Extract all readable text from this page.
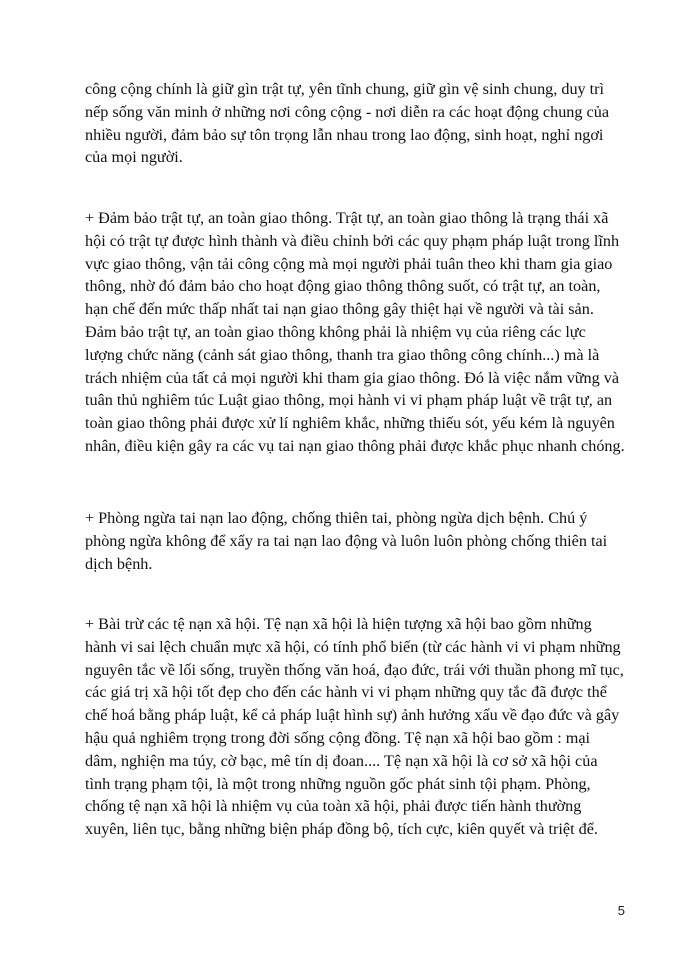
công cộng chính là giữ gìn trật tự, yên tĩnh chung, giữ gìn vệ sinh chung, duy trì nếp sống văn minh ở những nơi công cộng - nơi diễn ra các hoạt động chung của nhiều người, đảm bảo sự tôn trọng lẫn nhau trong lao động, sinh hoạt, nghỉ ngơi của mọi người.

+ Đảm bảo trật tự, an toàn giao thông. Trật tự, an toàn giao thông là trạng thái xã hội có trật tự được hình thành và điều chỉnh bởi các quy phạm pháp luật trong lĩnh vực giao thông, vận tải công cộng mà mọi người phải tuân theo khi tham gia giao thông, nhờ đó đảm bảo cho hoạt động giao thông thông suốt, có trật tự, an toàn, hạn chế đến mức thấp nhất tai nạn giao thông gây thiệt hại về người và tài sản. Đảm bảo trật tự, an toàn giao thông không phải là nhiệm vụ của riêng các lực lượng chức năng (cảnh sát giao thông, thanh tra giao thông công chính...) mà là trách nhiệm của tất cả mọi người khi tham gia giao thông. Đó là việc nắm vững và tuân thủ nghiêm túc Luật giao thông, mọi hành vi vi phạm pháp luật về trật tự, an toàn giao thông phải được xử lí nghiêm khắc, những thiếu sót, yếu kém là nguyên nhân, điều kiện gây ra các vụ tai nạn giao thông phải được khắc phục nhanh chóng.

+ Phòng ngừa tai nạn lao động, chống thiên tai, phòng ngừa dịch bệnh. Chú ý phòng ngừa không để xẩy ra tai nạn lao động và luôn luôn phòng chống thiên tai dịch bệnh.

+ Bài trừ các tệ nạn xã hội. Tệ nạn xã hội là hiện tượng xã hội bao gồm những hành vi sai lệch chuẩn mực xã hội, có tính phổ biến (từ các hành vi vi phạm những nguyên tắc về lối sống, truyền thống văn hoá, đạo đức, trái với thuần phong mĩ tục, các giá trị xã hội tốt đẹp cho đến các hành vi vi phạm những quy tắc đã được thể chế hoá bằng pháp luật, kể cả pháp luật hình sự) ảnh hưởng xấu về đạo đức và gây hậu quả nghiêm trọng trong đời sống cộng đồng. Tệ nạn xã hội bao gồm : mại dâm, nghiện ma túy, cờ bạc, mê tín dị đoan.... Tệ nạn xã hội là cơ sở xã hội của tình trạng phạm tội, là một trong những nguồn gốc phát sinh tội phạm. Phòng, chống tệ nạn xã hội là nhiệm vụ của toàn xã hội, phải được tiến hành thường xuyên, liên tục, bằng những biện pháp đồng bộ, tích cực, kiên quyết và triệt để.

5
